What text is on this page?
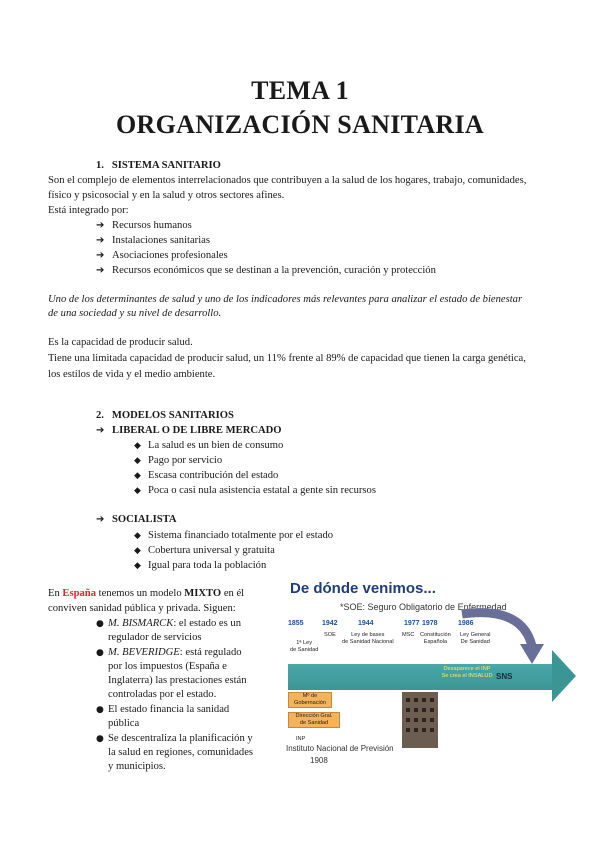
TEMA 1
ORGANIZACIÓN SANITARIA
1. SISTEMA SANITARIO
Son el complejo de elementos interrelacionados que contribuyen a la salud de los hogares, trabajo, comunidades,
físico y psicosocial y en la salud y otros sectores afines.
Está integrado por:
➔ Recursos humanos
➔ Instalaciones sanitarias
➔ Asociaciones profesionales
➔ Recursos económicos que se destinan a la prevención, curación y protección
Uno de los determinantes de salud y uno de los indicadores más relevantes para analizar el estado de bienestar
de una sociedad y su nivel de desarrollo.
Es la capacidad de producir salud.
Tiene una limitada capacidad de producir salud, un 11% frente al 89% de capacidad que tienen la carga genética,
los estilos de vida y el medio ambiente.
2. MODELOS SANITARIOS
➔ LIBERAL O DE LIBRE MERCADO
◆ La salud es un bien de consumo
◆ Pago por servicio
◆ Escasa contribución del estado
◆ Poca o casi nula asistencia estatal a gente sin recursos
➔ SOCIALISTA
◆ Sistema financiado totalmente por el estado
◆ Cobertura universal y gratuita
◆ Igual para toda la población
En España tenemos un modelo MIXTO en él
conviven sanidad pública y privada. Siguen:
● M. BISMARCK: el estado es un
regulador de servicios
● M. BEVERIDGE: está regulado
por los impuestos (España e
Inglaterra) las prestaciones están
controladas por el estado.
● El estado financia la sanidad
pública
● Se descentraliza la planificación y
la salud en regiones, comunidades
y municipios.
De dónde venimos...
*SOE: Seguro Obligatorio de Enfermedad
1855	1942	1944	1977 1978	1986
1ª Ley
de Sanidad
SOE	Ley de bases
de Sanidad Nacional
MSC Constitución
Española
Ley General
De Sanidad
Desaparece el INP
Se crea el INSALUD SNS
Mº de
Gobernación
Dirección Gral.
de Sanidad
INP
Instituto Nacional de Previsión
1908
